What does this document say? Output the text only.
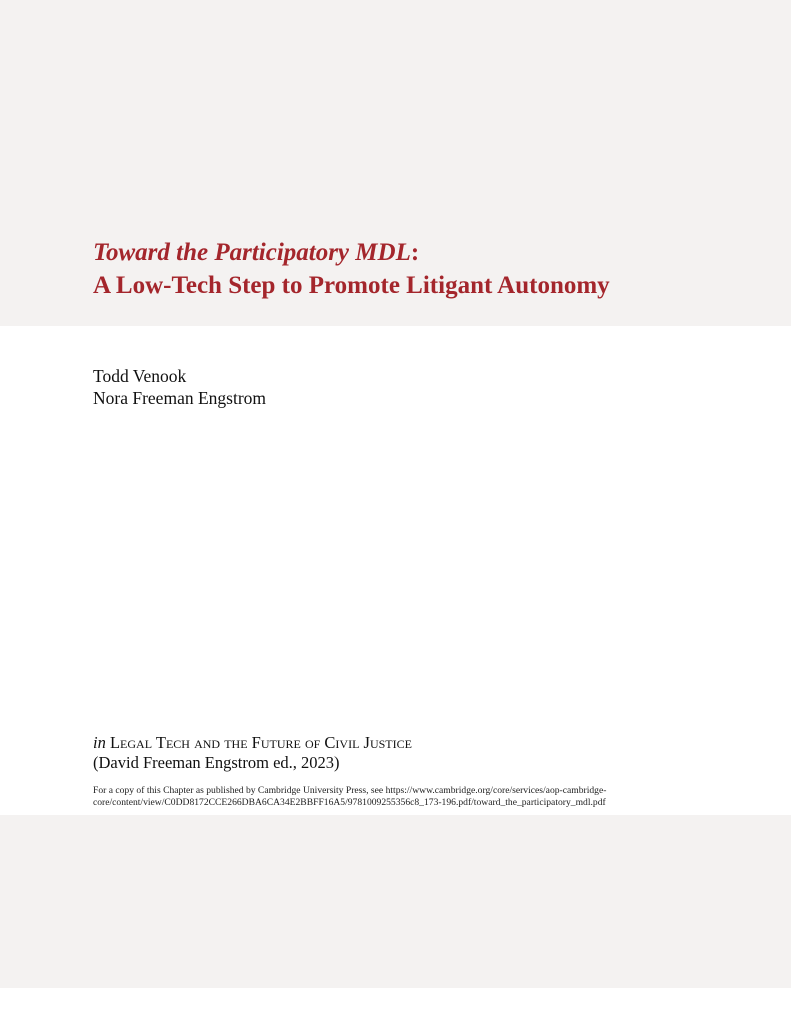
Toward the Participatory MDL:
A Low-Tech Step to Promote Litigant Autonomy
Todd Venook
Nora Freeman Engstrom
in Legal Tech and the Future of Civil Justice
(David Freeman Engstrom ed., 2023)
For a copy of this Chapter as published by Cambridge University Press, see https://www.cambridge.org/core/services/aop-cambridge-core/content/view/C0DD8172CCE266DBA6CA34E2BBFF16A5/9781009255356c8_173-196.pdf/toward_the_participatory_mdl.pdf
